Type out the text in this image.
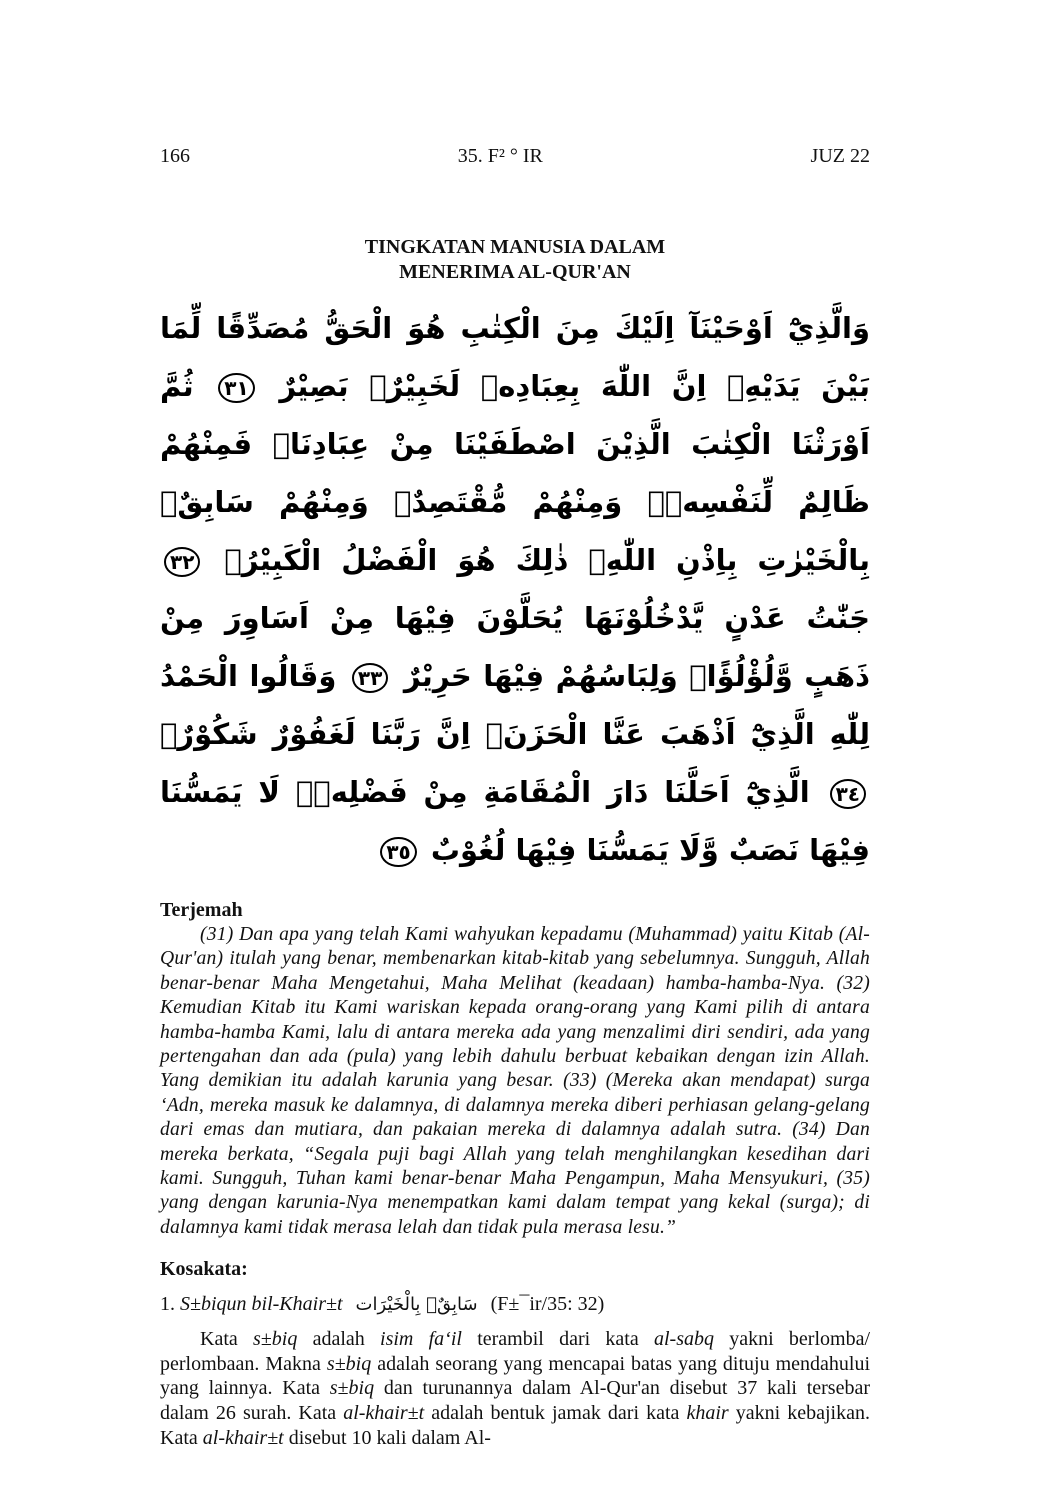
166	35. F² ° IR	JUZ 22
TINGKATAN MANUSIA DALAM
MENERIMA AL-QUR'AN
وَالَّذِيْٓ اَوْحَيْنَآ اِلَيْكَ مِنَ الْكِتٰبِ هُوَ الْحَقُّ مُصَدِّقًا لِّمَا بَيْنَ يَدَيْهِۗ اِنَّ اللّٰهَ بِعِبَادِهٖ لَخَبِيْرٌۢ بَصِيْرٌ ٣١ ثُمَّ اَوْرَثْنَا الْكِتٰبَ الَّذِيْنَ اصْطَفَيْنَا مِنْ عِبَادِنَاۚ فَمِنْهُمْ ظَالِمٌ لِّنَفْسِهٖۚ وَمِنْهُمْ مُّقْتَصِدٌۚ وَمِنْهُمْ سَابِقٌۢ بِالْخَيْرٰتِ بِاِذْنِ اللّٰهِۗ ذٰلِكَ هُوَ الْفَضْلُ الْكَبِيْرُۗ ٣٢ جَنّٰتُ عَدْنٍ يَّدْخُلُوْنَهَا يُحَلَّوْنَ فِيْهَا مِنْ اَسَاوِرَ مِنْ ذَهَبٍ وَّلُؤْلُؤًاۚ وَلِبَاسُهُمْ فِيْهَا حَرِيْرٌ ٣٣ وَقَالُوا الْحَمْدُ لِلّٰهِ الَّذِيْٓ اَذْهَبَ عَنَّا الْحَزَنَۗ اِنَّ رَبَّنَا لَغَفُوْرٌ شَكُوْرٌۙ ٣٤ الَّذِيْٓ اَحَلَّنَا دَارَ الْمُقَامَةِ مِنْ فَضْلِهٖۚ لَا يَمَسُّنَا فِيْهَا نَصَبٌ وَّلَا يَمَسُّنَا فِيْهَا لُغُوْبٌ ٣٥
Terjemah
(31) Dan apa yang telah Kami wahyukan kepadamu (Muhammad) yaitu Kitab (Al-Qur'an) itulah yang benar, membenarkan kitab-kitab yang sebelumnya. Sungguh, Allah benar-benar Maha Mengetahui, Maha Melihat (keadaan) hamba-hamba-Nya. (32) Kemudian Kitab itu Kami wariskan kepada orang-orang yang Kami pilih di antara hamba-hamba Kami, lalu di antara mereka ada yang menzalimi diri sendiri, ada yang pertengahan dan ada (pula) yang lebih dahulu berbuat kebaikan dengan izin Allah. Yang demikian itu adalah karunia yang besar. (33) (Mereka akan mendapat) surga ‘Adn, mereka masuk ke dalamnya, di dalamnya mereka diberi perhiasan gelang-gelang dari emas dan mutiara, dan pakaian mereka di dalamnya adalah sutra. (34) Dan mereka berkata, “Segala puji bagi Allah yang telah menghilangkan kesedihan dari kami. Sungguh, Tuhan kami benar-benar Maha Pengampun, Maha Mensyukuri, (35) yang dengan karunia-Nya menempatkan kami dalam tempat yang kekal (surga); di dalamnya kami tidak merasa lelah dan tidak pula merasa lesu.”
Kosakata:
1. S±biqun bil-Khair±t سَابِقٌۢ بِالْخَيْرَات (F±¯ir/35: 32)
Kata s±biq adalah isim fa‘il terambil dari kata al-sabq yakni berlomba/ perlombaan. Makna s±biq adalah seorang yang mencapai batas yang dituju mendahului yang lainnya. Kata s±biq dan turunannya dalam Al-Qur'an disebut 37 kali tersebar dalam 26 surah. Kata al-khair±t adalah bentuk jamak dari kata khair yakni kebajikan. Kata al-khair±t disebut 10 kali dalam Al-
